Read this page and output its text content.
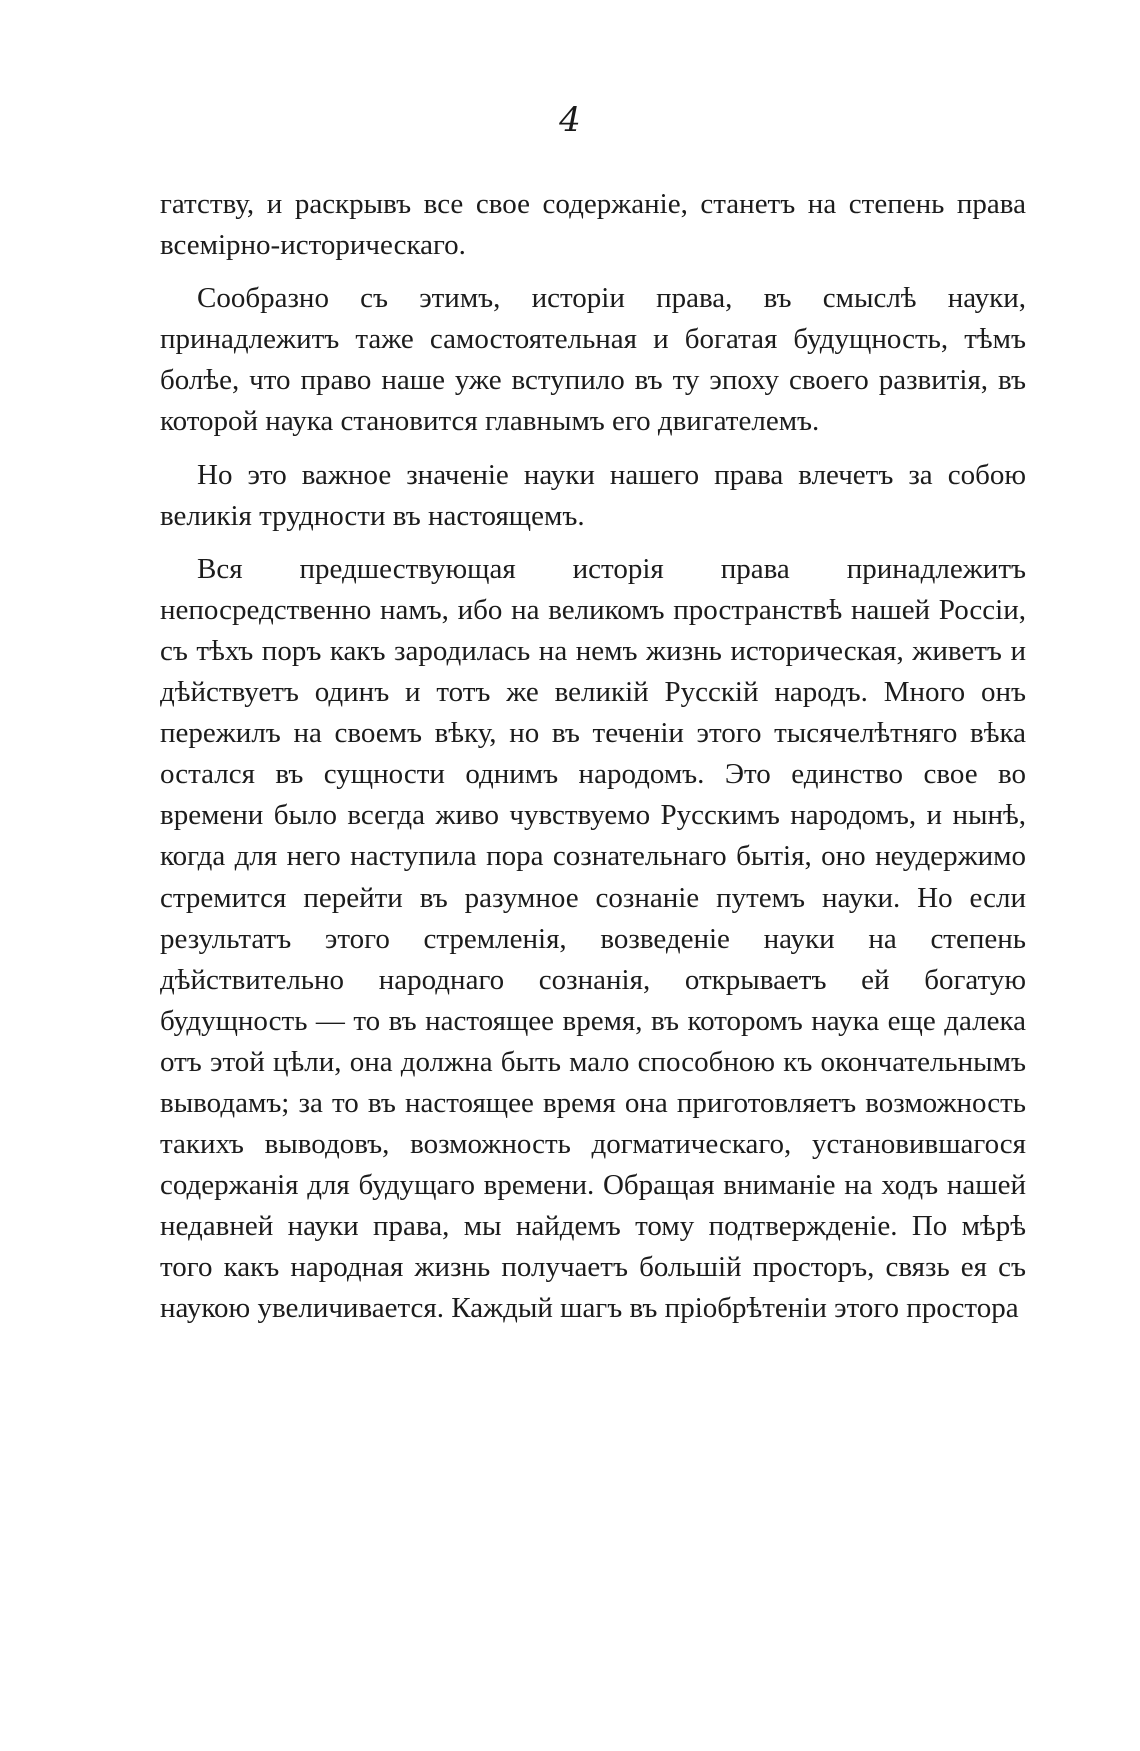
4

гатству, и раскрывъ все свое содержаніе, станетъ на степень права всемірно-историческаго.

Сообразно съ этимъ, исторіи права, въ смыслѣ науки, принадлежитъ таже самостоятельная и богатая будущность, тѣмъ болѣе, что право наше уже вступило въ ту эпоху своего развитія, въ которой наука становится главнымъ его двигателемъ.

Но это важное значеніе науки нашего права влечетъ за собою великія трудности въ настоящемъ.

Вся предшествующая исторія права принадлежитъ непосредственно намъ, ибо на великомъ пространствѣ нашей Россіи, съ тѣхъ поръ какъ зародилась на немъ жизнь историческая, живетъ и дѣйствуетъ одинъ и тотъ же великій Русскій народъ. Много онъ пережилъ на своемъ вѣку, но въ теченіи этого тысячелѣтняго вѣка остался въ сущности однимъ народомъ. Это единство свое во времени было всегда живо чувствуемо Русскимъ народомъ, и нынѣ, когда для него наступила пора сознательнаго бытія, оно неудержимо стремится перейти въ разумное сознаніе путемъ науки. Но если результатъ этого стремленія, возведеніе науки на степень дѣйствительно народнаго сознанія, открываетъ ей богатую будущность — то въ настоящее время, въ которомъ наука еще далека отъ этой цѣли, она должна быть мало способною къ окончательнымъ выводамъ; за то въ настоящее время она приготовляетъ возможность такихъ выводовъ, возможность догматическаго, установившагося содержанія для будущаго времени. Обращая вниманіе на ходъ нашей недавней науки права, мы найдемъ тому подтвержденіе. По мѣрѣ того какъ народная жизнь получаетъ большій просторъ, связь ея съ наукою увеличивается. Каждый шагъ въ пріобрѣтеніи этого простора
